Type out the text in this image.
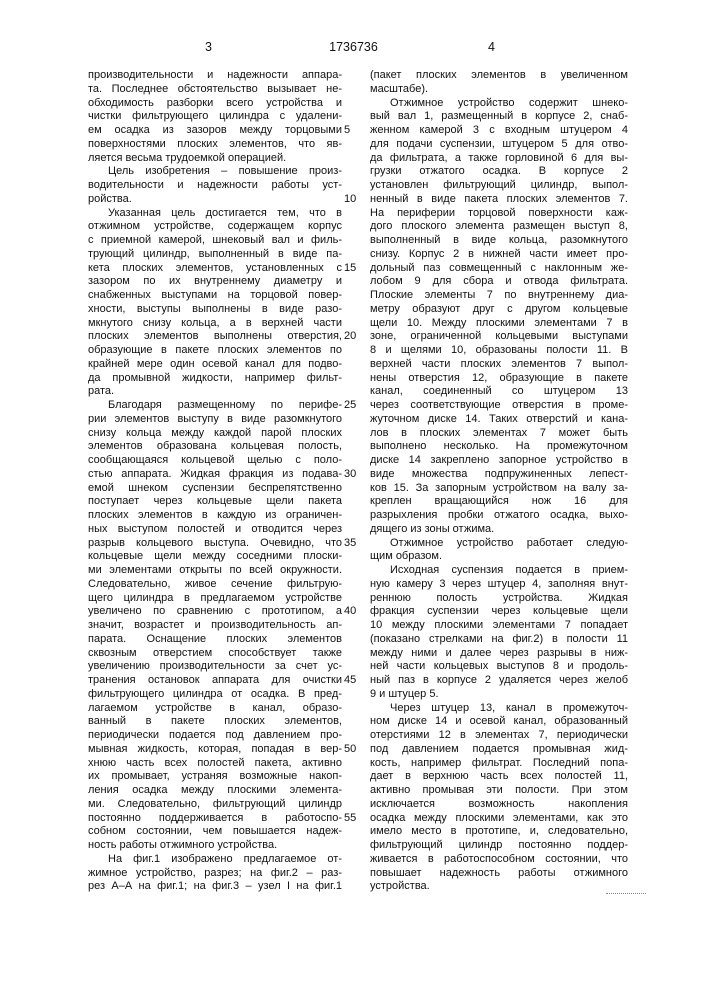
3	1736736	4
производительности и надежности аппара-
та. Последнее обстоятельство вызывает не-
обходимость разборки всего устройства и
чистки фильтрующего цилиндра с удалени-
ем осадка из зазоров между торцовыми
поверхностями плоских элементов, что яв-
ляется весьма трудоемкой операцией.
Цель изобретения – повышение произ-
водительности и надежности работы уст-
ройства.
Указанная цель достигается тем, что в
отжимном устройстве, содержащем корпус
с приемной камерой, шнековый вал и филь-
трующий цилиндр, выполненный в виде па-
кета плоских элементов, установленных с
зазором по их внутреннему диаметру и
снабженных выступами на торцовой повер-
хности, выступы выполнены в виде разо-
мкнутого снизу кольца, а в верхней части
плоских элементов выполнены отверстия,
образующие в пакете плоских элементов по
крайней мере один осевой канал для подво-
да промывной жидкости, например фильт-
рата.
Благодаря размещенному по перифе-
рии элементов выступу в виде разомкнутого
снизу кольца между каждой парой плоских
элементов образована кольцевая полость,
сообщающаяся кольцевой щелью с поло-
стью аппарата. Жидкая фракция из подава-
емой шнеком суспензии беспрепятственно
поступает через кольцевые щели пакета
плоских элементов в каждую из ограничен-
ных выступом полостей и отводится через
разрыв кольцевого выступа. Очевидно, что
кольцевые щели между соседними плоски-
ми элементами открыты по всей окружности.
Следовательно, живое сечение фильтрую-
щего цилиндра в предлагаемом устройстве
увеличено по сравнению с прототипом, а
значит, возрастет и производительность ап-
парата. Оснащение плоских элементов
сквозным отверстием способствует также
увеличению производительности за счет ус-
транения остановок аппарата для очистки
фильтрующего цилиндра от осадка. В пред-
лагаемом устройстве в канал, образо-
ванный в пакете плоских элементов,
периодически подается под давлением про-
мывная жидкость, которая, попадая в вер-
хнюю часть всех полостей пакета, активно
их промывает, устраняя возможные накоп-
ления осадка между плоскими элемента-
ми. Следовательно, фильтрующий цилиндр
постоянно поддерживается в работоспо-
собном состоянии, чем повышается надеж-
ность работы отжимного устройства.
На фиг.1 изображено предлагаемое от-
жимное устройство, разрез; на фиг.2 – раз-
рез А–А на фиг.1; на фиг.3 – узел I на фиг.1
5
10
15
20
25
30
35
40
45
50
55
(пакет плоских элементов в увеличенном
масштабе).
Отжимное устройство содержит шнеко-
вый вал 1, размещенный в корпусе 2, снаб-
женном камерой 3 с входным штуцером 4
для подачи суспензии, штуцером 5 для отво-
да фильтрата, а также горловиной 6 для вы-
грузки отжатого осадка. В корпусе 2
установлен фильтрующий цилиндр, выпол-
ненный в виде пакета плоских элементов 7.
На периферии торцовой поверхности каж-
дого плоского элемента размещен выступ 8,
выполненный в виде кольца, разомкнутого
снизу. Корпус 2 в нижней части имеет про-
дольный паз совмещенный с наклонным же-
лобом 9 для сбора и отвода фильтрата.
Плоские элементы 7 по внутреннему диа-
метру образуют друг с другом кольцевые
щели 10. Между плоскими элементами 7 в
зоне, ограниченной кольцевыми выступами
8 и щелями 10, образованы полости 11. В
верхней части плоских элементов 7 выпол-
нены отверстия 12, образующие в пакете
канал, соединенный со штуцером 13
через соответствующие отверстия в проме-
жуточном диске 14. Таких отверстий и кана-
лов в плоских элементах 7 может быть
выполнено несколько. На промежуточном
диске 14 закреплено запорное устройство в
виде множества подпружиненных лепест-
ков 15. За запорным устройством на валу за-
креплен вращающийся нож 16 для
разрыхления пробки отжатого осадка, выхо-
дящего из зоны отжима.
Отжимное устройство работает следую-
щим образом.
Исходная суспензия подается в прием-
ную камеру 3 через штуцер 4, заполняя внут-
реннюю полость устройства. Жидкая
фракция суспензии через кольцевые щели
10 между плоскими элементами 7 попадает
(показано стрелками на фиг.2) в полости 11
между ними и далее через разрывы в ниж-
ней части кольцевых выступов 8 и продоль-
ный паз в корпусе 2 удаляется через желоб
9 и штуцер 5.
Через штуцер 13, канал в промежуточ-
ном диске 14 и осевой канал, образованный
отерстиями 12 в элементах 7, периодически
под давлением подается промывная жид-
кость, например фильтрат. Последний попа-
дает в верхнюю часть всех полостей 11,
активно промывая эти полости. При этом
исключается возможность накопления
осадка между плоскими элементами, как это
имело место в прототипе, и, следовательно,
фильтрующий цилиндр постоянно поддер-
живается в работоспособном состоянии, что
повышает надежность работы отжимного
устройства.
